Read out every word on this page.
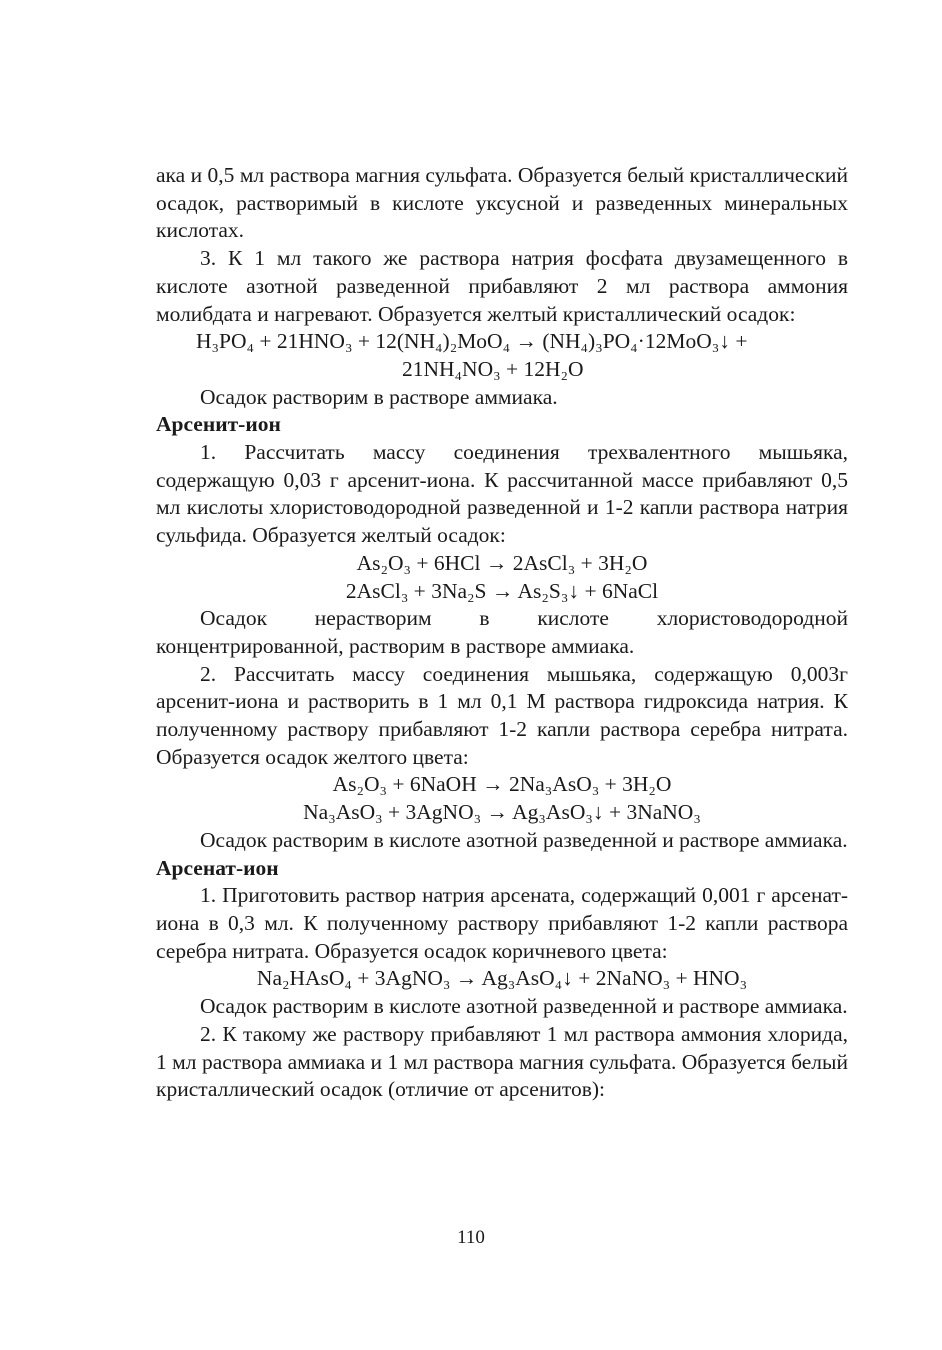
ака и 0,5 мл раствора магния сульфата. Образуется белый кристаллический осадок, растворимый в кислоте уксусной и разведенных минеральных кислотах.

3. К 1 мл такого же раствора натрия фосфата двузамещенного в кислоте азотной разведенной прибавляют 2 мл раствора аммония молибдата и нагревают. Образуется желтый кристаллический осадок:

H₃PO₄ + 21HNO₃ + 12(NH₄)₂MoO₄ → (NH₄)₃PO₄·12MoO₃↓ +

21NH₄NO₃ + 12H₂O

Осадок растворим в растворе аммиака.

Арсенит-ион

1. Рассчитать массу соединения трехвалентного мышьяка, содержащую 0,03 г арсенит-иона. К рассчитанной массе прибавляют 0,5 мл кислоты хлористоводородной разведенной и 1-2 капли раствора натрия сульфида. Образуется желтый осадок:

As₂O₃ + 6HCl → 2AsCl₃ + 3H₂O

2AsCl₃ + 3Na₂S → As₂S₃↓ + 6NaCl

Осадок нерастворим в кислоте хлористоводородной концентрированной, растворим в растворе аммиака.

2. Рассчитать массу соединения мышьяка, содержащую 0,003г арсенит-иона и растворить в 1 мл 0,1 М раствора гидроксида натрия. К полученному раствору прибавляют 1-2 капли раствора серебра нитрата. Образуется осадок желтого цвета:

As₂O₃ + 6NaOH → 2Na₃AsO₃ + 3H₂O

Na₃AsO₃ + 3AgNO₃ → Ag₃AsO₃↓ + 3NaNO₃

Осадок растворим в кислоте азотной разведенной и растворе аммиака.

Арсенат-ион

1. Приготовить раствор натрия арсената, содержащий 0,001 г арсенат-иона в 0,3 мл. К полученному раствору прибавляют 1-2 капли раствора серебра нитрата. Образуется осадок коричневого цвета:

Na₂HAsO₄ + 3AgNO₃ → Ag₃AsO₄↓ + 2NaNO₃ + HNO₃

Осадок растворим в кислоте азотной разведенной и растворе аммиака.

2. К такому же раствору прибавляют 1 мл раствора аммония хлорида, 1 мл раствора аммиака и 1 мл раствора магния сульфата. Образуется белый кристаллический осадок (отличие от арсенитов):

110
